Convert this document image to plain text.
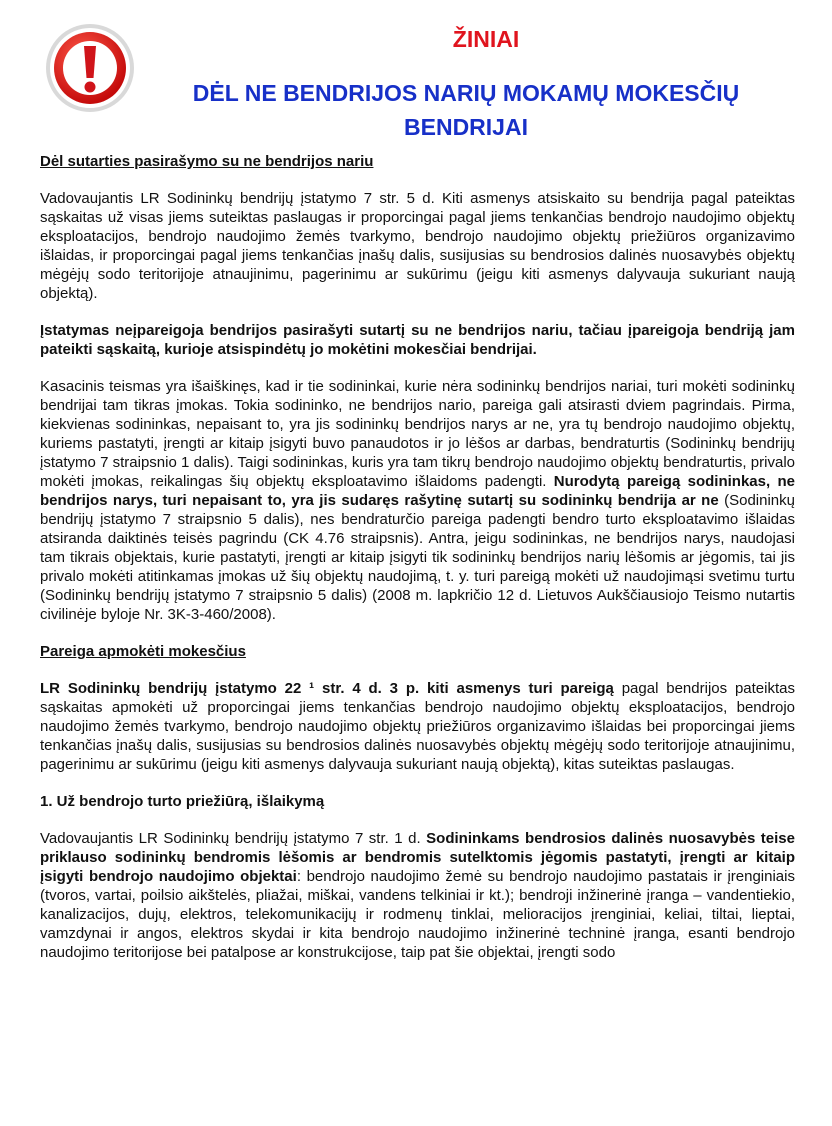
ŽINIAI
DĖL NE BENDRIJOS NARIŲ MOKAMŲ MOKESČIŲ BENDRIJAI

Dėl sutarties pasirašymo su ne bendrijos nariu

Vadovaujantis LR Sodininkų bendrijų įstatymo 7 str. 5 d. Kiti asmenys atsiskaito su bendrija pagal pateiktas sąskaitas už visas jiems suteiktas paslaugas ir proporcingai pagal jiems tenkančias bendrojo naudojimo objektų eksploatacijos, bendrojo naudojimo žemės tvarkymo, bendrojo naudojimo objektų priežiūros organizavimo išlaidas, ir proporcingai pagal jiems tenkančias įnašų dalis, susijusias su bendrosios dalinės nuosavybės objektų mėgėjų sodo teritorijoje atnaujinimu, pagerinimu ar sukūrimu (jeigu kiti asmenys dalyvauja sukuriant naują objektą).

Įstatymas neįpareigoja bendrijos pasirašyti sutartį su ne bendrijos nariu, tačiau įpareigoja bendriją jam pateikti sąskaitą, kurioje atsispindėtų jo mokėtini mokesčiai bendrijai.

Kasacinis teismas yra išaiškinęs, kad ir tie sodininkai, kurie nėra sodininkų bendrijos nariai, turi mokėti sodininkų bendrijai tam tikras įmokas. Tokia sodininko, ne bendrijos nario, pareiga gali atsirasti dviem pagrindais. Pirma, kiekvienas sodininkas, nepaisant to, yra jis sodininkų bendrijos narys ar ne, yra tų bendrojo naudojimo objektų, kuriems pastatyti, įrengti ar kitaip įsigyti buvo panaudotos ir jo lėšos ar darbas, bendraturtis (Sodininkų bendrijų įstatymo 7 straipsnio 1 dalis). Taigi sodininkas, kuris yra tam tikrų bendrojo naudojimo objektų bendraturtis, privalo mokėti įmokas, reikalingas šių objektų eksploatavimo išlaidoms padengti. Nurodytą pareigą sodininkas, ne bendrijos narys, turi nepaisant to, yra jis sudaręs rašytinę sutartį su sodininkų bendrija ar ne (Sodininkų bendrijų įstatymo 7 straipsnio 5 dalis), nes bendraturčio pareiga padengti bendro turto eksploatavimo išlaidas atsiranda daiktinės teisės pagrindu (CK 4.76 straipsnis). Antra, jeigu sodininkas, ne bendrijos narys, naudojasi tam tikrais objektais, kurie pastatyti, įrengti ar kitaip įsigyti tik sodininkų bendrijos narių lėšomis ar jėgomis, tai jis privalo mokėti atitinkamas įmokas už šių objektų naudojimą, t. y. turi pareigą mokėti už naudojimąsi svetimu turtu (Sodininkų bendrijų įstatymo 7 straipsnio 5 dalis) (2008 m. lapkričio 12 d. Lietuvos Aukščiausiojo Teismo nutartis civilinėje byloje Nr. 3K-3-460/2008).

Pareiga apmokėti mokesčius

LR Sodininkų bendrijų įstatymo 22 ¹ str. 4 d. 3 p. kiti asmenys turi pareigą pagal bendrijos pateiktas sąskaitas apmokėti už proporcingai jiems tenkančias bendrojo naudojimo objektų eksploatacijos, bendrojo naudojimo žemės tvarkymo, bendrojo naudojimo objektų priežiūros organizavimo išlaidas bei proporcingai jiems tenkančias įnašų dalis, susijusias su bendrosios dalinės nuosavybės objektų mėgėjų sodo teritorijoje atnaujinimu, pagerinimu ar sukūrimu (jeigu kiti asmenys dalyvauja sukuriant naują objektą), kitas suteiktas paslaugas.

1. Už bendrojo turto priežiūrą, išlaikymą

Vadovaujantis LR Sodininkų bendrijų įstatymo 7 str. 1 d. Sodininkams bendrosios dalinės nuosavybės teise priklauso sodininkų bendromis lėšomis ar bendromis sutelktomis jėgomis pastatyti, įrengti ar kitaip įsigyti bendrojo naudojimo objektai: bendrojo naudojimo žemė su bendrojo naudojimo pastatais ir įrenginiais (tvoros, vartai, poilsio aikštelės, pliažai, miškai, vandens telkiniai ir kt.); bendroji inžinerinė įranga – vandentiekio, kanalizacijos, dujų, elektros, telekomunikacijų ir rodmenų tinklai, melioracijos įrenginiai, keliai, tiltai, lieptai, vamzdynai ir angos, elektros skydai ir kita bendrojo naudojimo inžinerinė techninė įranga, esanti bendrojo naudojimo teritorijose bei patalpose ar konstrukcijose, taip pat šie objektai, įrengti sodo
